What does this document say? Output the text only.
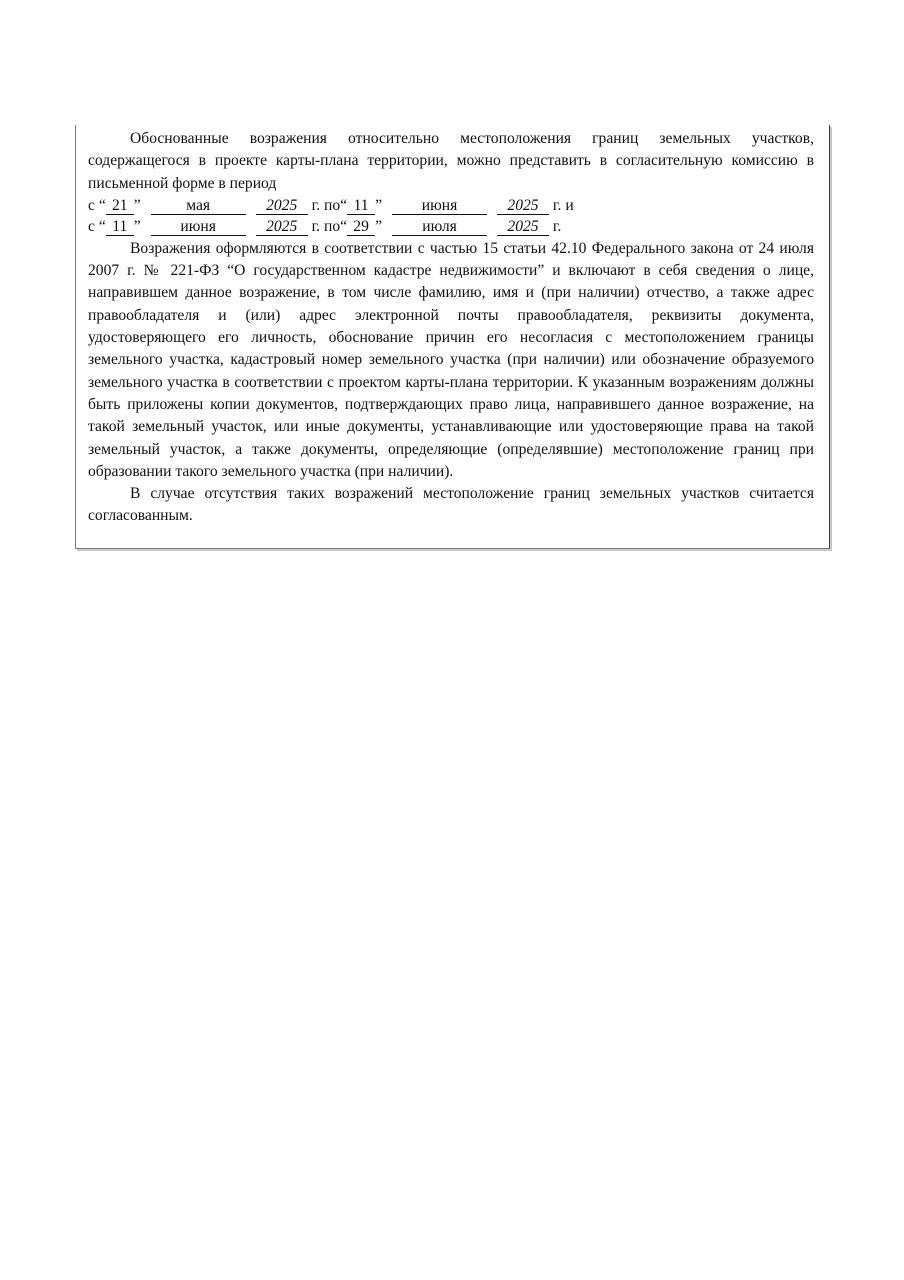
Обоснованные возражения относительно местоположения границ земельных участков, содержащегося в проекте карты-плана территории, можно представить в согласительную комиссию в письменной форме в период

с “ 21 ”	мая	2025 г. по“ 11 ”	июня	2025 г. и
с “ 11 ”	июня	2025 г. по“ 29 ”	июля	2025 г.

Возражения оформляются в соответствии с частью 15 статьи 42.10 Федерального закона от 24 июля 2007 г. № 221-ФЗ “О государственном кадастре недвижимости” и включают в себя сведения о лице, направившем данное возражение, в том числе фамилию, имя и (при наличии) отчество, а также адрес правообладателя и (или) адрес электронной почты правообладателя, реквизиты документа, удостоверяющего его личность, обоснование причин его несогласия с местоположением границы земельного участка, кадастровый номер земельного участка (при наличии) или обозначение образуемого земельного участка в соответствии с проектом карты-плана территории. К указанным возражениям должны быть приложены копии документов, подтверждающих право лица, направившего данное возражение, на такой земельный участок, или иные документы, устанавливающие или удостоверяющие права на такой земельный участок, а также документы, определяющие (определявшие) местоположение границ при образовании такого земельного участка (при наличии).

В случае отсутствия таких возражений местоположение границ земельных участков считается согласованным.
